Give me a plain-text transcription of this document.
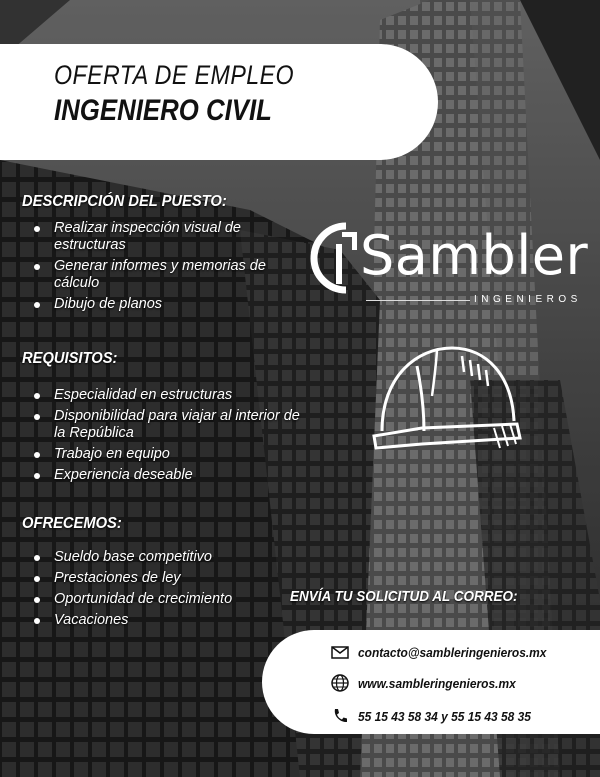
OFERTA DE EMPLEO
INGENIERO CIVIL
DESCRIPCIÓN DEL PUESTO:
Realizar inspección visual de estructuras
Generar informes y memorias de cálculo
Dibujo de planos
REQUISITOS:
Especialidad en estructuras
Disponibilidad para viajar al interior de la República
Trabajo en equipo
Experiencia deseable
OFRECEMOS:
Sueldo base competitivo
Prestaciones de ley
Oportunidad de crecimiento
Vacaciones
Sambler
INGENIEROS
ENVÍA TU SOLICITUD AL CORREO:
contacto@sambleringenieros.mx
www.sambleringenieros.mx
55 15 43 58 34 y 55 15 43 58 35
